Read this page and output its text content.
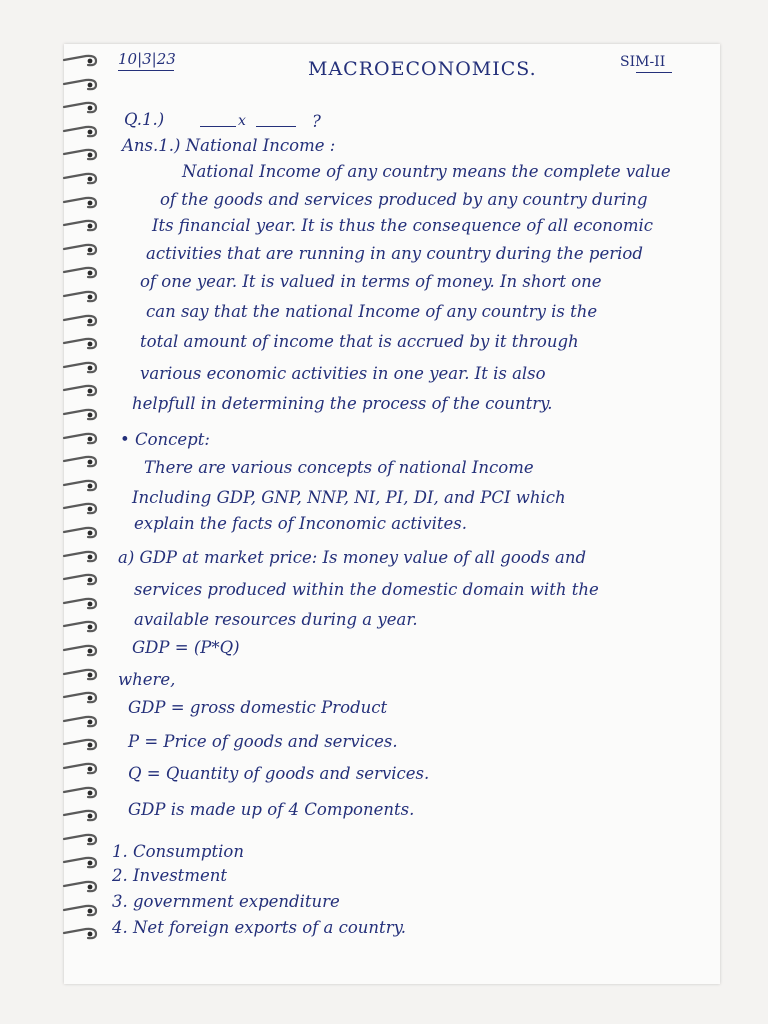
10|3|23	MACROECONOMICS.	SIM-II
Q.1.)	x	?
Ans.1.) National Income :
National Income of any country means the complete value
of the goods and services produced by any country during
Its financial year. It is thus the consequence of all economic
activities that are running in any country during the period
of one year. It is valued in terms of money. In short one
can say that the national Income of any country is the
total amount of income that is accrued by it through
various economic activities in one year. It is also
helpfull in determining the process of the country.
• Concept:
There are various concepts of national Income
Including GDP, GNP, NNP, NI, PI, DI, and PCI which
explain the facts of Inconomic activites.
a) GDP at market price: Is money value of all goods and
services produced within the domestic domain with the
available resources during a year.
GDP = (P*Q)
where,
GDP = gross domestic Product
P = Price of goods and services.
Q = Quantity of goods and services.
GDP is made up of 4 Components.
1. Consumption
2. Investment
3. government expenditure
4. Net foreign exports of a country.
